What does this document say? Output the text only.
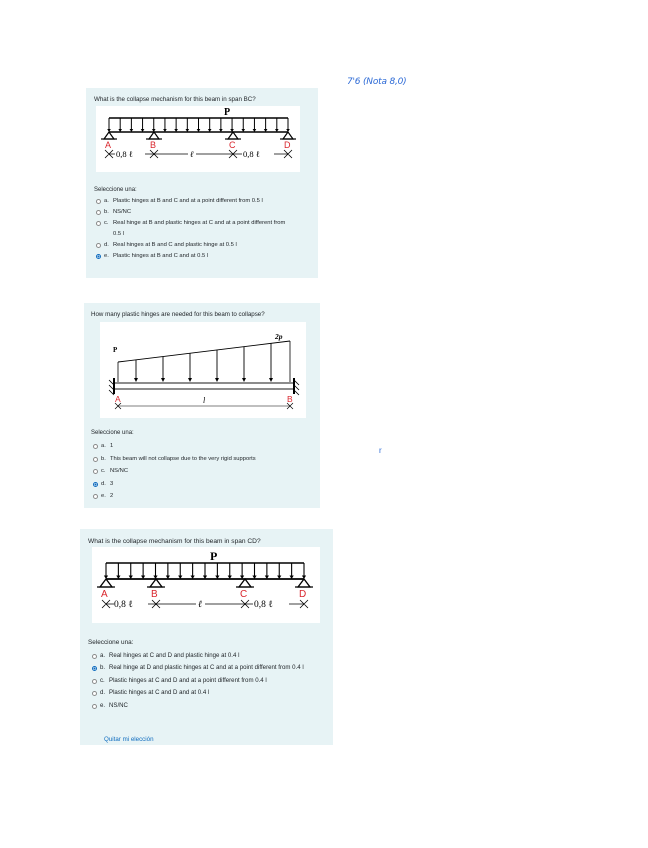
7'6 (Nota 8,0)
r
What is the collapse mechanism for this beam in span BC?
P
A	B	C	D
0,8 ℓ	ℓ	0,8 ℓ
Seleccione una:
a. Plastic hinges at B and C and at a point different from 0.5 l
b. NS/NC
c. Real hinge at B and plastic hinges at C and at a point different from 0.5 l
d. Real hinges at B and C and plastic hinge at 0.5 l
e. Plastic hinges at B and C and at 0.5 l
How many plastic hinges are needed for this beam to collapse?
2p
P
A	B
l
Seleccione una:
a. 1
b. This beam will not collapse due to the very rigid supports
c. NS/NC
d. 3
e. 2
What is the collapse mechanism for this beam in span CD?
P
A	B	C	D
0,8 ℓ	ℓ	0,8 ℓ
Seleccione una:
a. Real hinges at C and D and plastic hinge at 0.4 l
b. Real hinge at D and plastic hinges at C and at a point different from 0.4 l
c. Plastic hinges at C and D and at a point different from 0.4 l
d. Plastic hinges at C and D and at 0.4 l
e. NS/NC
Quitar mi elección
